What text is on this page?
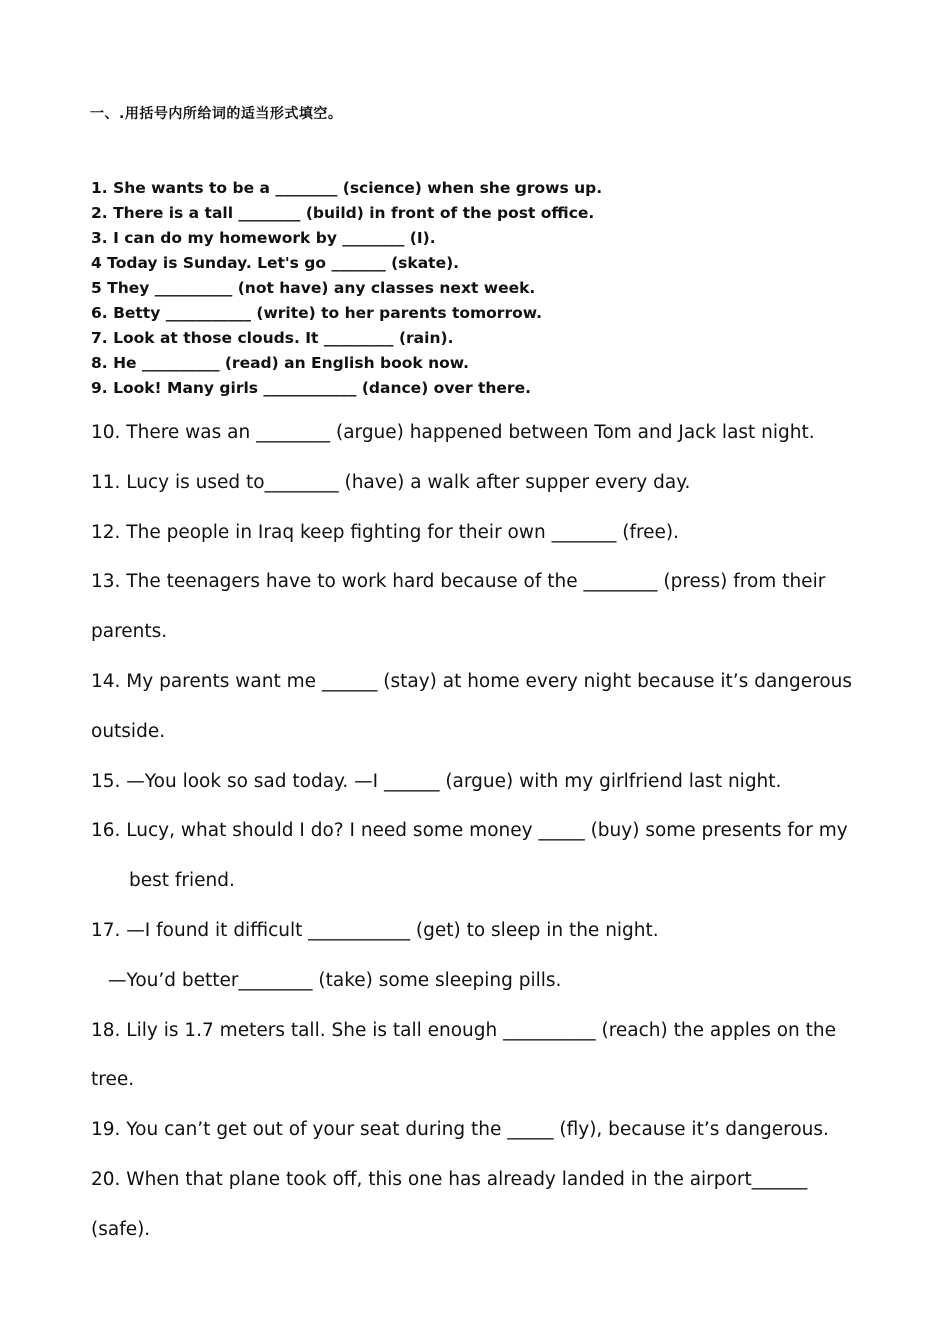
一、.用括号内所给词的适当形式填空。
1. She wants to be a ________ (science) when she grows up.
2. There is a tall ________ (build) in front of the post office.
3. I can do my homework by ________ (I).
4 Today is Sunday. Let's go _______ (skate).
5 They __________ (not have) any classes next week.
6. Betty ___________ (write) to her parents tomorrow.
7. Look at those clouds. It _________ (rain).
8. He __________ (read) an English book now.
9. Look! Many girls ____________ (dance) over there.
10. There was an ________ (argue) happened between Tom and Jack last night.
11. Lucy is used to________ (have) a walk after supper every day.
12. The people in Iraq keep fighting for their own _______ (free).
13. The teenagers have to work hard because of the ________ (press) from their
parents.
14. My parents want me ______ (stay) at home every night because it’s dangerous
outside.
15. —You look so sad today. —I ______ (argue) with my girlfriend last night.
16. Lucy, what should I do? I need some money _____ (buy) some presents for my
best friend.
17. —I found it difficult ___________ (get) to sleep in the night.
—You’d better________ (take) some sleeping pills.
18. Lily is 1.7 meters tall. She is tall enough __________ (reach) the apples on the
tree.
19. You can’t get out of your seat during the _____ (fly), because it’s dangerous.
20. When that plane took off, this one has already landed in the airport______
(safe).
